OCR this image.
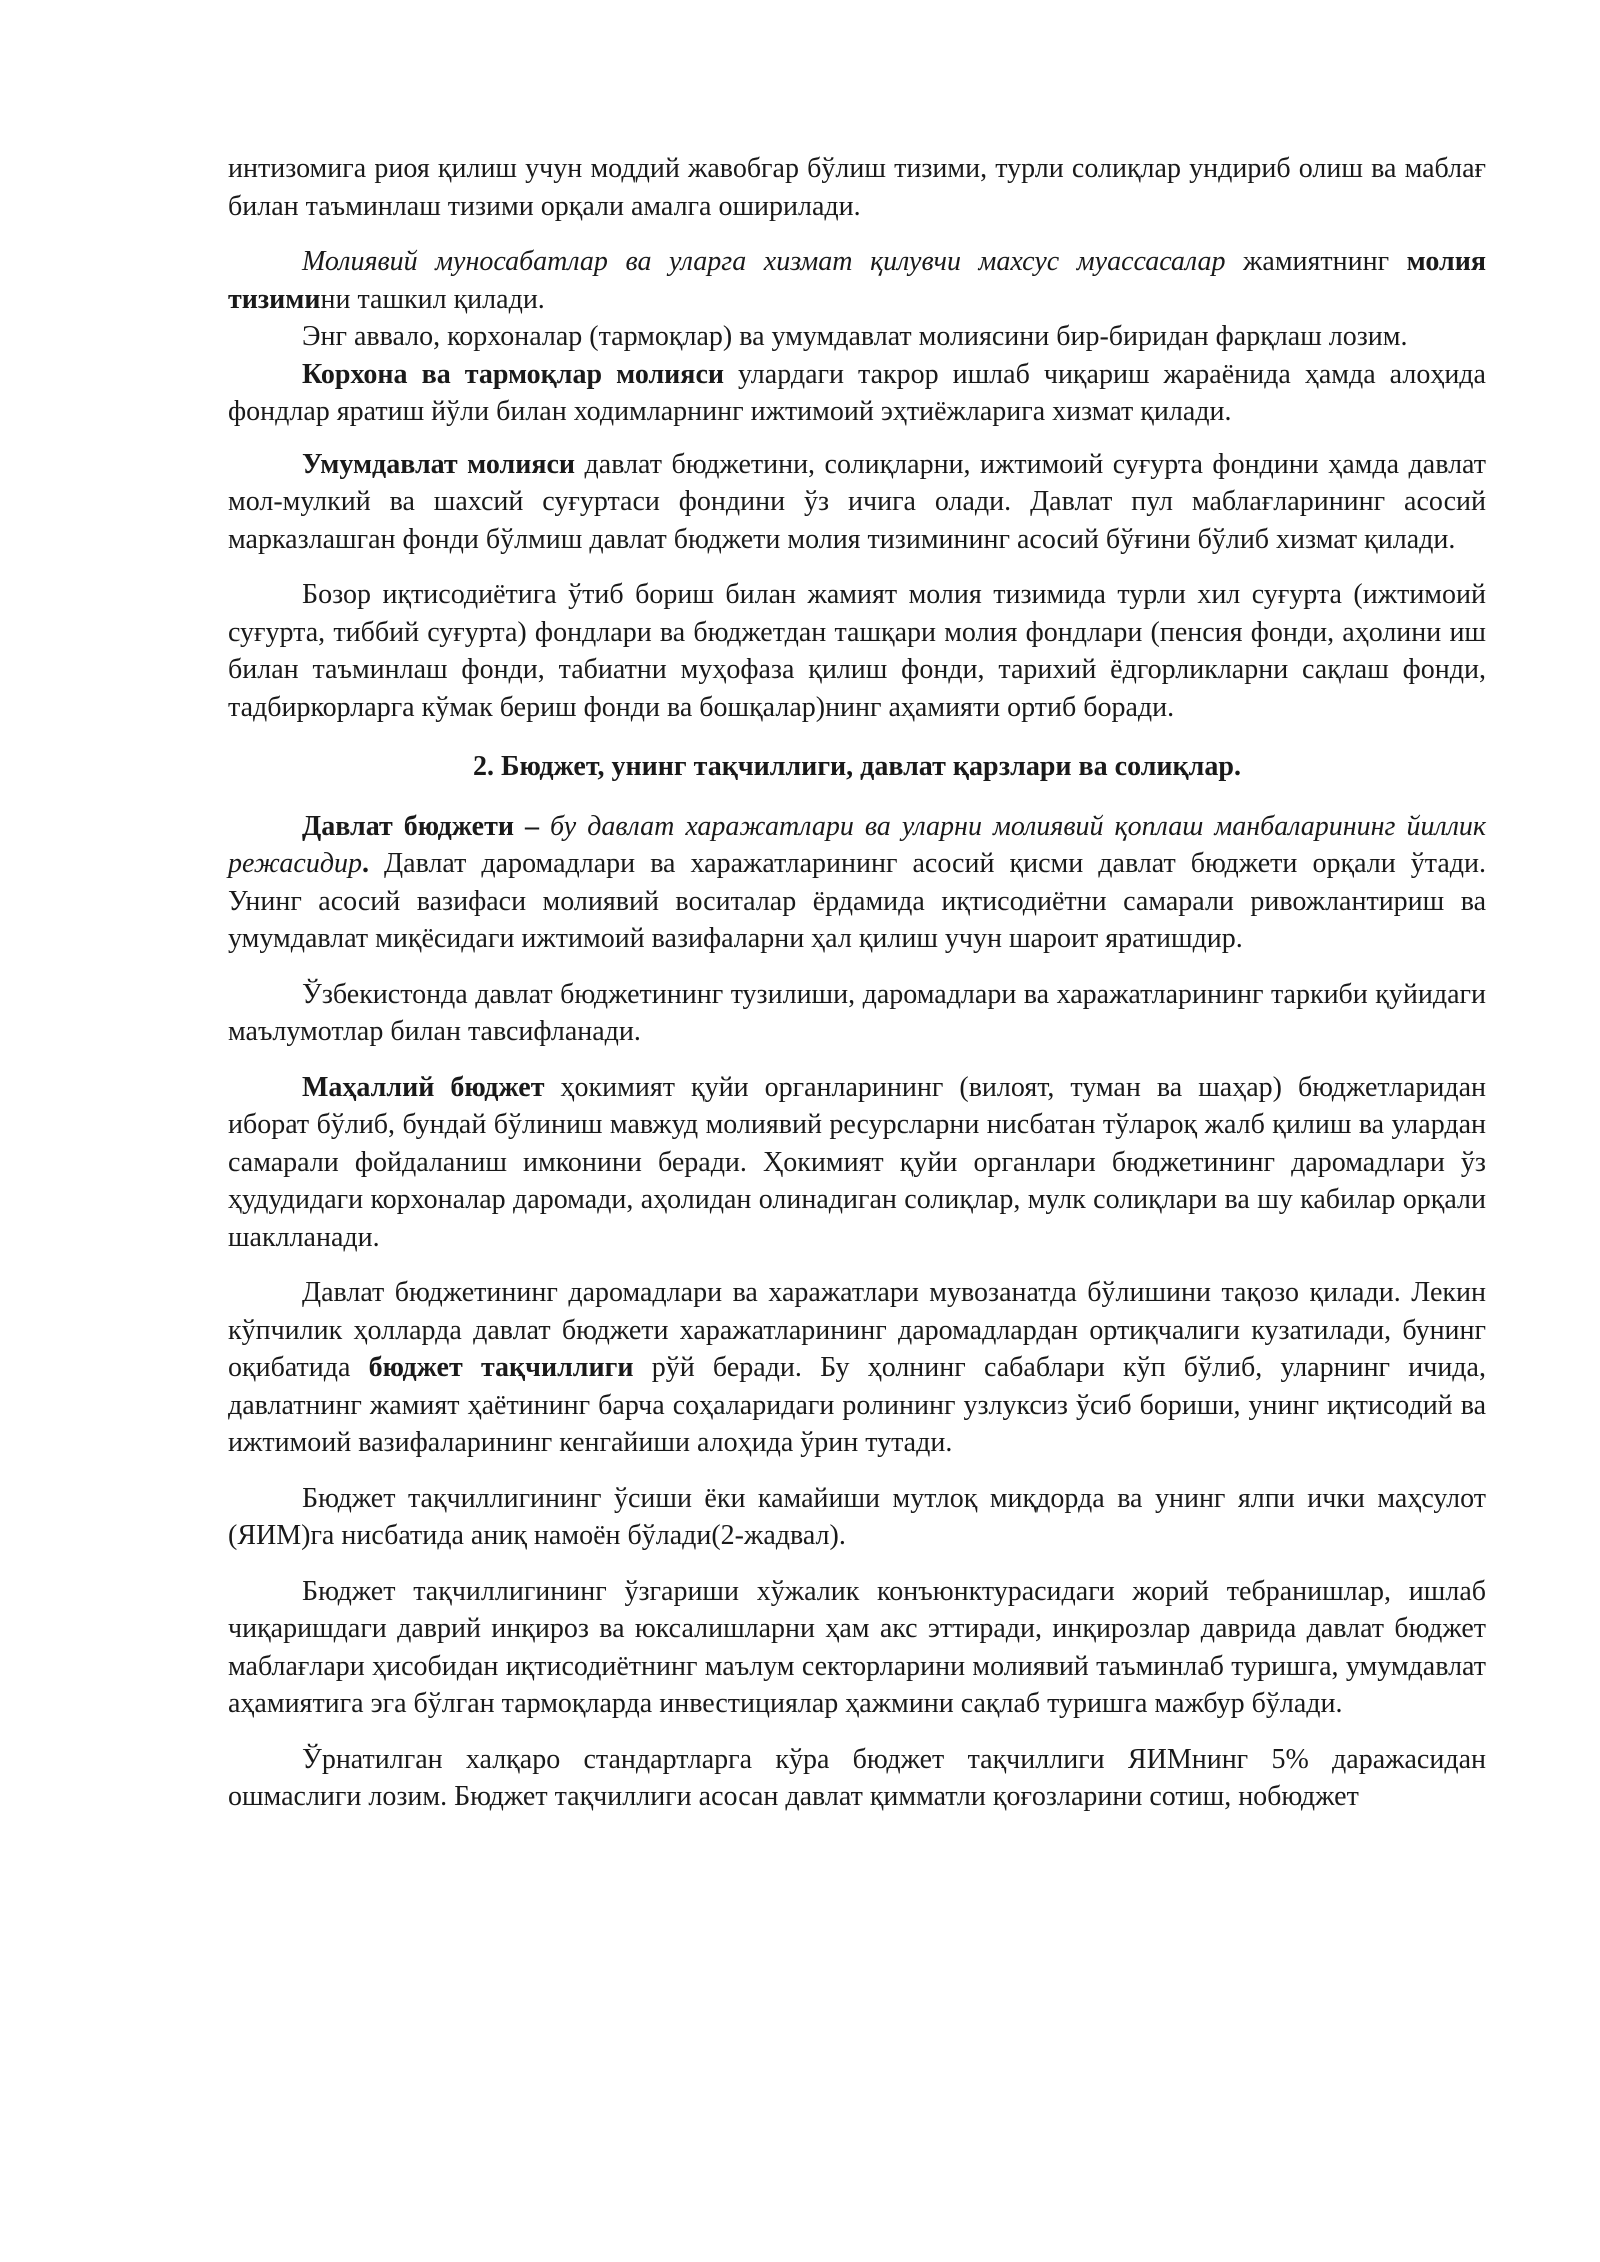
интизомига риоя қилиш учун моддий жавобгар бўлиш тизими, турли солиқлар ундириб олиш ва маблағ билан таъминлаш тизими орқали амалга оширилади.

Молиявий муносабатлар ва уларга хизмат қилувчи махсус муассасалар жамиятнинг молия тизимини ташкил қилади.

Энг аввало, корхоналар (тармоқлар) ва умумдавлат молиясини бир-биридан фарқлаш лозим.

Корхона ва тармоқлар молияси улардаги такрор ишлаб чиқариш жараёнида ҳамда алоҳида фондлар яратиш йўли билан ходимларнинг ижтимоий эҳтиёжларига хизмат қилади.

Умумдавлат молияси давлат бюджетини, солиқларни, ижтимоий суғурта фондини ҳамда давлат мол-мулкий ва шахсий суғуртаси фондини ўз ичига олади. Давлат пул маблағларининг асосий марказлашган фонди бўлмиш давлат бюджети молия тизимининг асосий бўғини бўлиб хизмат қилади.

Бозор иқтисодиётига ўтиб бориш билан жамият молия тизимида турли хил суғурта (ижтимоий суғурта, тиббий суғурта) фондлари ва бюджетдан ташқари молия фондлари (пенсия фонди, аҳолини иш билан таъминлаш фонди, табиатни муҳофаза қилиш фонди, тарихий ёдгорликларни сақлаш фонди, тадбиркорларга кўмак бериш фонди ва бошқалар)нинг аҳамияти ортиб боради.

2. Бюджет, унинг тақчиллиги, давлат қарзлари ва солиқлар.

Давлат бюджети – бу давлат харажатлари ва уларни молиявий қоплаш манбаларининг йиллик режасидир. Давлат даромадлари ва харажатларининг асосий қисми давлат бюджети орқали ўтади. Унинг асосий вазифаси молиявий воситалар ёрдамида иқтисодиётни самарали ривожлантириш ва умумдавлат миқёсидаги ижтимоий вазифаларни ҳал қилиш учун шароит яратишдир.

Ўзбекистонда давлат бюджетининг тузилиши, даромадлари ва харажатларининг таркиби қуйидаги маълумотлар билан тавсифланади.

Маҳаллий бюджет ҳокимият қуйи органларининг (вилоят, туман ва шаҳар) бюджетларидан иборат бўлиб, бундай бўлиниш мавжуд молиявий ресурсларни нисбатан тўлароқ жалб қилиш ва улардан самарали фойдаланиш имконини беради. Ҳокимият қуйи органлари бюджетининг даромадлари ўз ҳудудидаги корхоналар даромади, аҳолидан олинадиган солиқлар, мулк солиқлари ва шу кабилар орқали шаклланади.

Давлат бюджетининг даромадлари ва харажатлари мувозанатда бўлишини тақозо қилади. Лекин кўпчилик ҳолларда давлат бюджети харажатларининг даромадлардан ортиқчалиги кузатилади, бунинг оқибатида бюджет тақчиллиги рўй беради. Бу ҳолнинг сабаблари кўп бўлиб, уларнинг ичида, давлатнинг жамият ҳаётининг барча соҳаларидаги ролининг узлуксиз ўсиб бориши, унинг иқтисодий ва ижтимоий вазифаларининг кенгайиши алоҳида ўрин тутади.

Бюджет тақчиллигининг ўсиши ёки камайиши мутлоқ миқдорда ва унинг ялпи ички маҳсулот (ЯИМ)га нисбатида аниқ намоён бўлади(2-жадвал).

Бюджет тақчиллигининг ўзгариши хўжалик конъюнктурасидаги жорий тебранишлар, ишлаб чиқаришдаги даврий инқироз ва юксалишларни ҳам акс эттиради, инқирозлар даврида давлат бюджет маблағлари ҳисобидан иқтисодиётнинг маълум секторларини молиявий таъминлаб туришга, умумдавлат аҳамиятига эга бўлган тармоқларда инвестициялар ҳажмини сақлаб туришга мажбур бўлади.

Ўрнатилган халқаро стандартларга кўра бюджет тақчиллиги ЯИМнинг 5% даражасидан ошмаслиги лозим. Бюджет тақчиллиги асосан давлат қимматли қоғозларини сотиш, нобюджет
